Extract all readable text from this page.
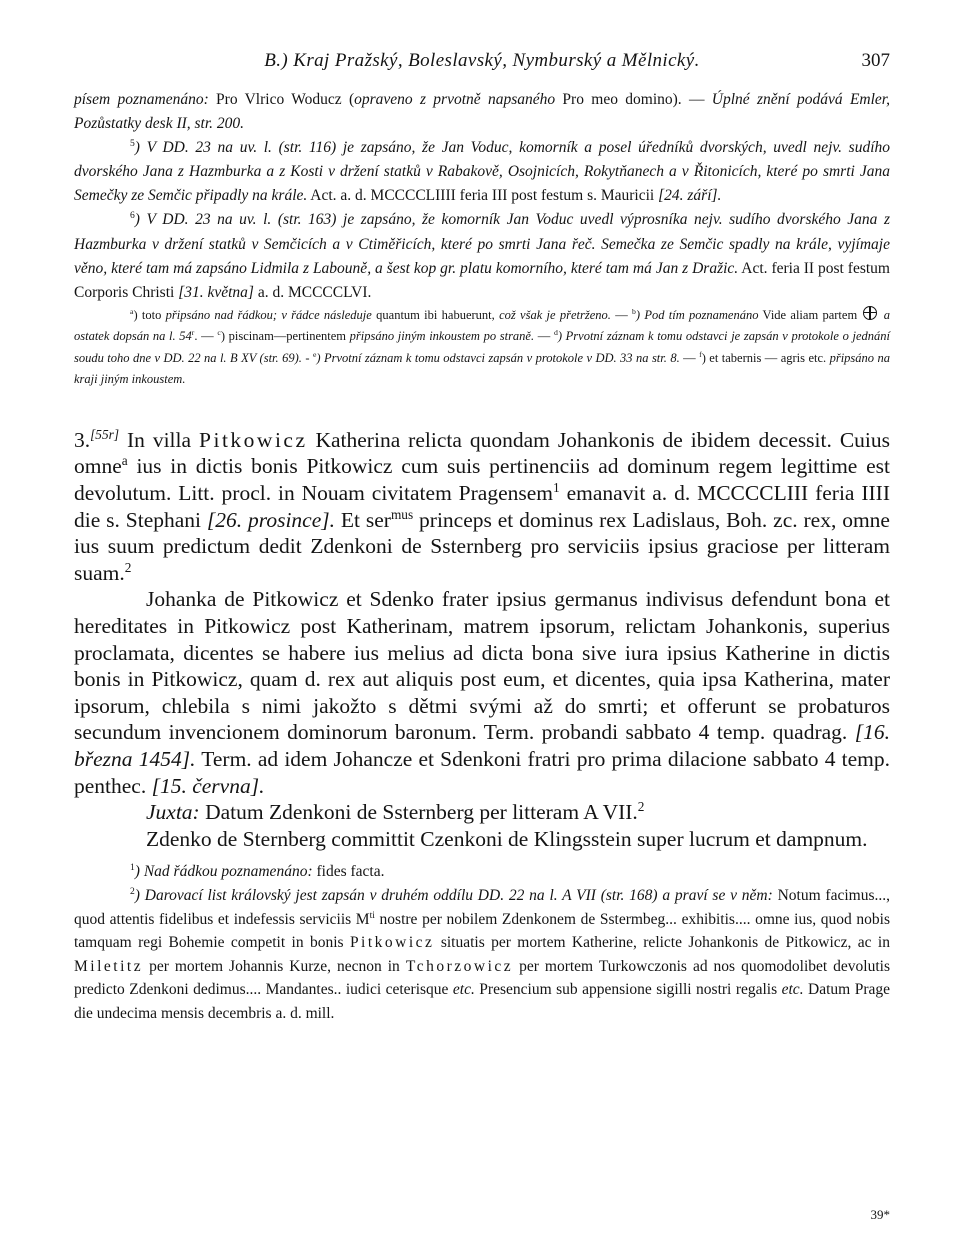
B.) Kraj Pražský, Boleslavský, Nymburský a Mělnický.	307

písem poznamenáno: Pro Vlrico Woducz (opraveno z prvotně napsaného Pro meo domino). — Úplné znění podává Emler, Pozůstatky desk II, str. 200.

$^5$) V DD. 23 na uv. l. (str. 116) je zapsáno, že Jan Voduc, komorník a posel úředníků dvorských, uvedl nejv. sudího dvorského Jana z Hazmburka a z Kosti v držení statků v Rabakově, Osojnicích, Rokytňanech a v Řitonicích, které po smrti Jana Semečky ze Semčic připadly na krále. Act. a. d. MCCCCLIIII feria III post festum s. Mauricii [24. září].

$^6$) V DD. 23 na uv. l. (str. 163) je zapsáno, že komorník Jan Voduc uvedl výprosníka nejv. sudího dvorského Jana z Hazmburka v držení statků v Semčicích a v Ctiměřicích, které po smrti Jana řeč. Semečka ze Semčic spadly na krále, vyjímaje věno, které tam má zapsáno Lidmila z Labouně, a šest kop gr. platu komorního, které tam má Jan z Dražic. Act. feria II post festum Corporis Christi [31. května] a. d. MCCCCLVI.

$^a$) toto připsáno nad řádkou; v řádce následuje quantum ibi habuerunt, což však je přetrženo. — $^b$) Pod tím poznamenáno Vide aliam partem  a ostatek dopsán na l. 54$^r$. — $^c$) piscinam—pertinentem připsáno jiným inkoustem po straně. — $^d$) Prvotní záznam k tomu odstavci je zapsán v protokole o jednání soudu toho dne v DD. 22 na l. B XV (str. 69). - $^e$) Prvotní záznam k tomu odstavci zapsán v protokole v DD. 33 na str. 8. — $^f$) et tabernis — agris etc. připsáno na kraji jiným inkoustem.

3.[55r] In villa Pitkowicz Katherina relicta quondam Johankonis de ibidem decessit. Cuius omne$^a$ ius in dictis bonis Pitkowicz cum suis pertinenciis ad dominum regem legittime est devolutum. Litt. procl. in Nouam civitatem Pragensem$^1$ emanavit a. d. MCCCCLIII feria IIII die s. Stephani [26. prosince]. Et ser$^{mus}$ princeps et dominus rex Ladislaus, Boh. zc. rex, omne ius suum predictum dedit Zdenkoni de Ssternberg pro serviciis ipsius graciose per litteram suam.$^2$

Johanka de Pitkowicz et Sdenko frater ipsius germanus indivisus defendunt bona et hereditates in Pitkowicz post Katherinam, matrem ipsorum, relictam Johankonis, superius proclamata, dicentes se habere ius melius ad dicta bona sive iura ipsius Katherine in dictis bonis in Pitkowicz, quam d. rex aut aliquis post eum, et dicentes, quia ipsa Katherina, mater ipsorum, chlebila s nimi jakožto s dětmi svými až do smrti; et offerunt se probaturos secundum invencionem dominorum baronum. Term. probandi sabbato 4 temp. quadrag. [16. března 1454]. Term. ad idem Johancze et Sdenkoni fratri pro prima dilacione sabbato 4 temp. penthec. [15. června].

Juxta: Datum Zdenkoni de Ssternberg per litteram A VII.$^2$

Zdenko de Sternberg committit Czenkoni de Klingsstein super lucrum et dampnum.

$^1$) Nad řádkou poznamenáno: fides facta.

$^2$) Darovací list královský jest zapsán v druhém oddílu DD. 22 na l. A VII (str. 168) a praví se v něm: Notum facimus..., quod attentis fidelibus et indefessis serviciis $M^{ti}$ nostre per nobilem Zdenkonem de Sstermbeg... exhibitis.... omne ius, quod nobis tamquam regi Bohemie competit in bonis Pitkowicz situatis per mortem Katherine, relicte Johankonis de Pitkowicz, ac in Miletitz per mortem Johannis Kurze, necnon in Tchorzowicz per mortem Turkowczonis ad nos quomodolibet devolutis predicto Zdenkoni dedimus.... Mandantes.. iudici ceterisque etc. Presencium sub appensione sigilli nostri regalis etc. Datum Prage die undecima mensis decembris a. d. mill.

39*
